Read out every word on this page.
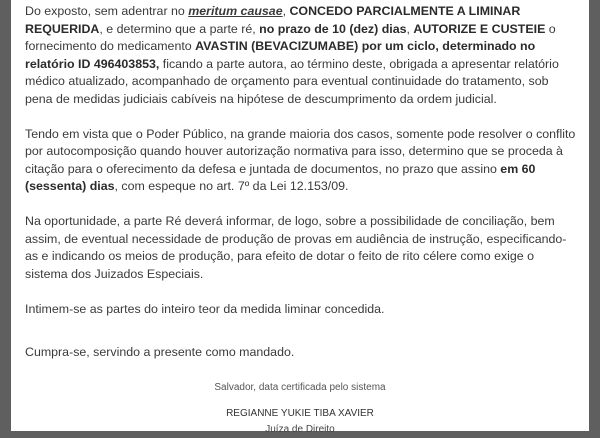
Do exposto, sem adentrar no meritum causae, CONCEDO PARCIALMENTE A LIMINAR REQUERIDA, e determino que a parte ré, no prazo de 10 (dez) dias, AUTORIZE E CUSTEIE o fornecimento do medicamento AVASTIN (BEVACIZUMABE) por um ciclo, determinado no relatório ID 496403853, ficando a parte autora, ao término deste, obrigada a apresentar relatório médico atualizado, acompanhado de orçamento para eventual continuidade do tratamento, sob pena de medidas judiciais cabíveis na hipótese de descumprimento da ordem judicial.

Tendo em vista que o Poder Público, na grande maioria dos casos, somente pode resolver o conflito por autocomposição quando houver autorização normativa para isso, determino que se proceda à citação para o oferecimento da defesa e juntada de documentos, no prazo que assino em 60 (sessenta) dias, com espeque no art. 7º da Lei 12.153/09.

Na oportunidade, a parte Ré deverá informar, de logo, sobre a possibilidade de conciliação, bem assim, de eventual necessidade de produção de provas em audiência de instrução, especificando-as e indicando os meios de produção, para efeito de dotar o feito de rito célere como exige o sistema dos Juizados Especiais.

Intimem-se as partes do inteiro teor da medida liminar concedida.

Cumpra-se, servindo a presente como mandado.

Salvador, data certificada pelo sistema
REGIANNE YUKIE TIBA XAVIER
Juíza de Direito
